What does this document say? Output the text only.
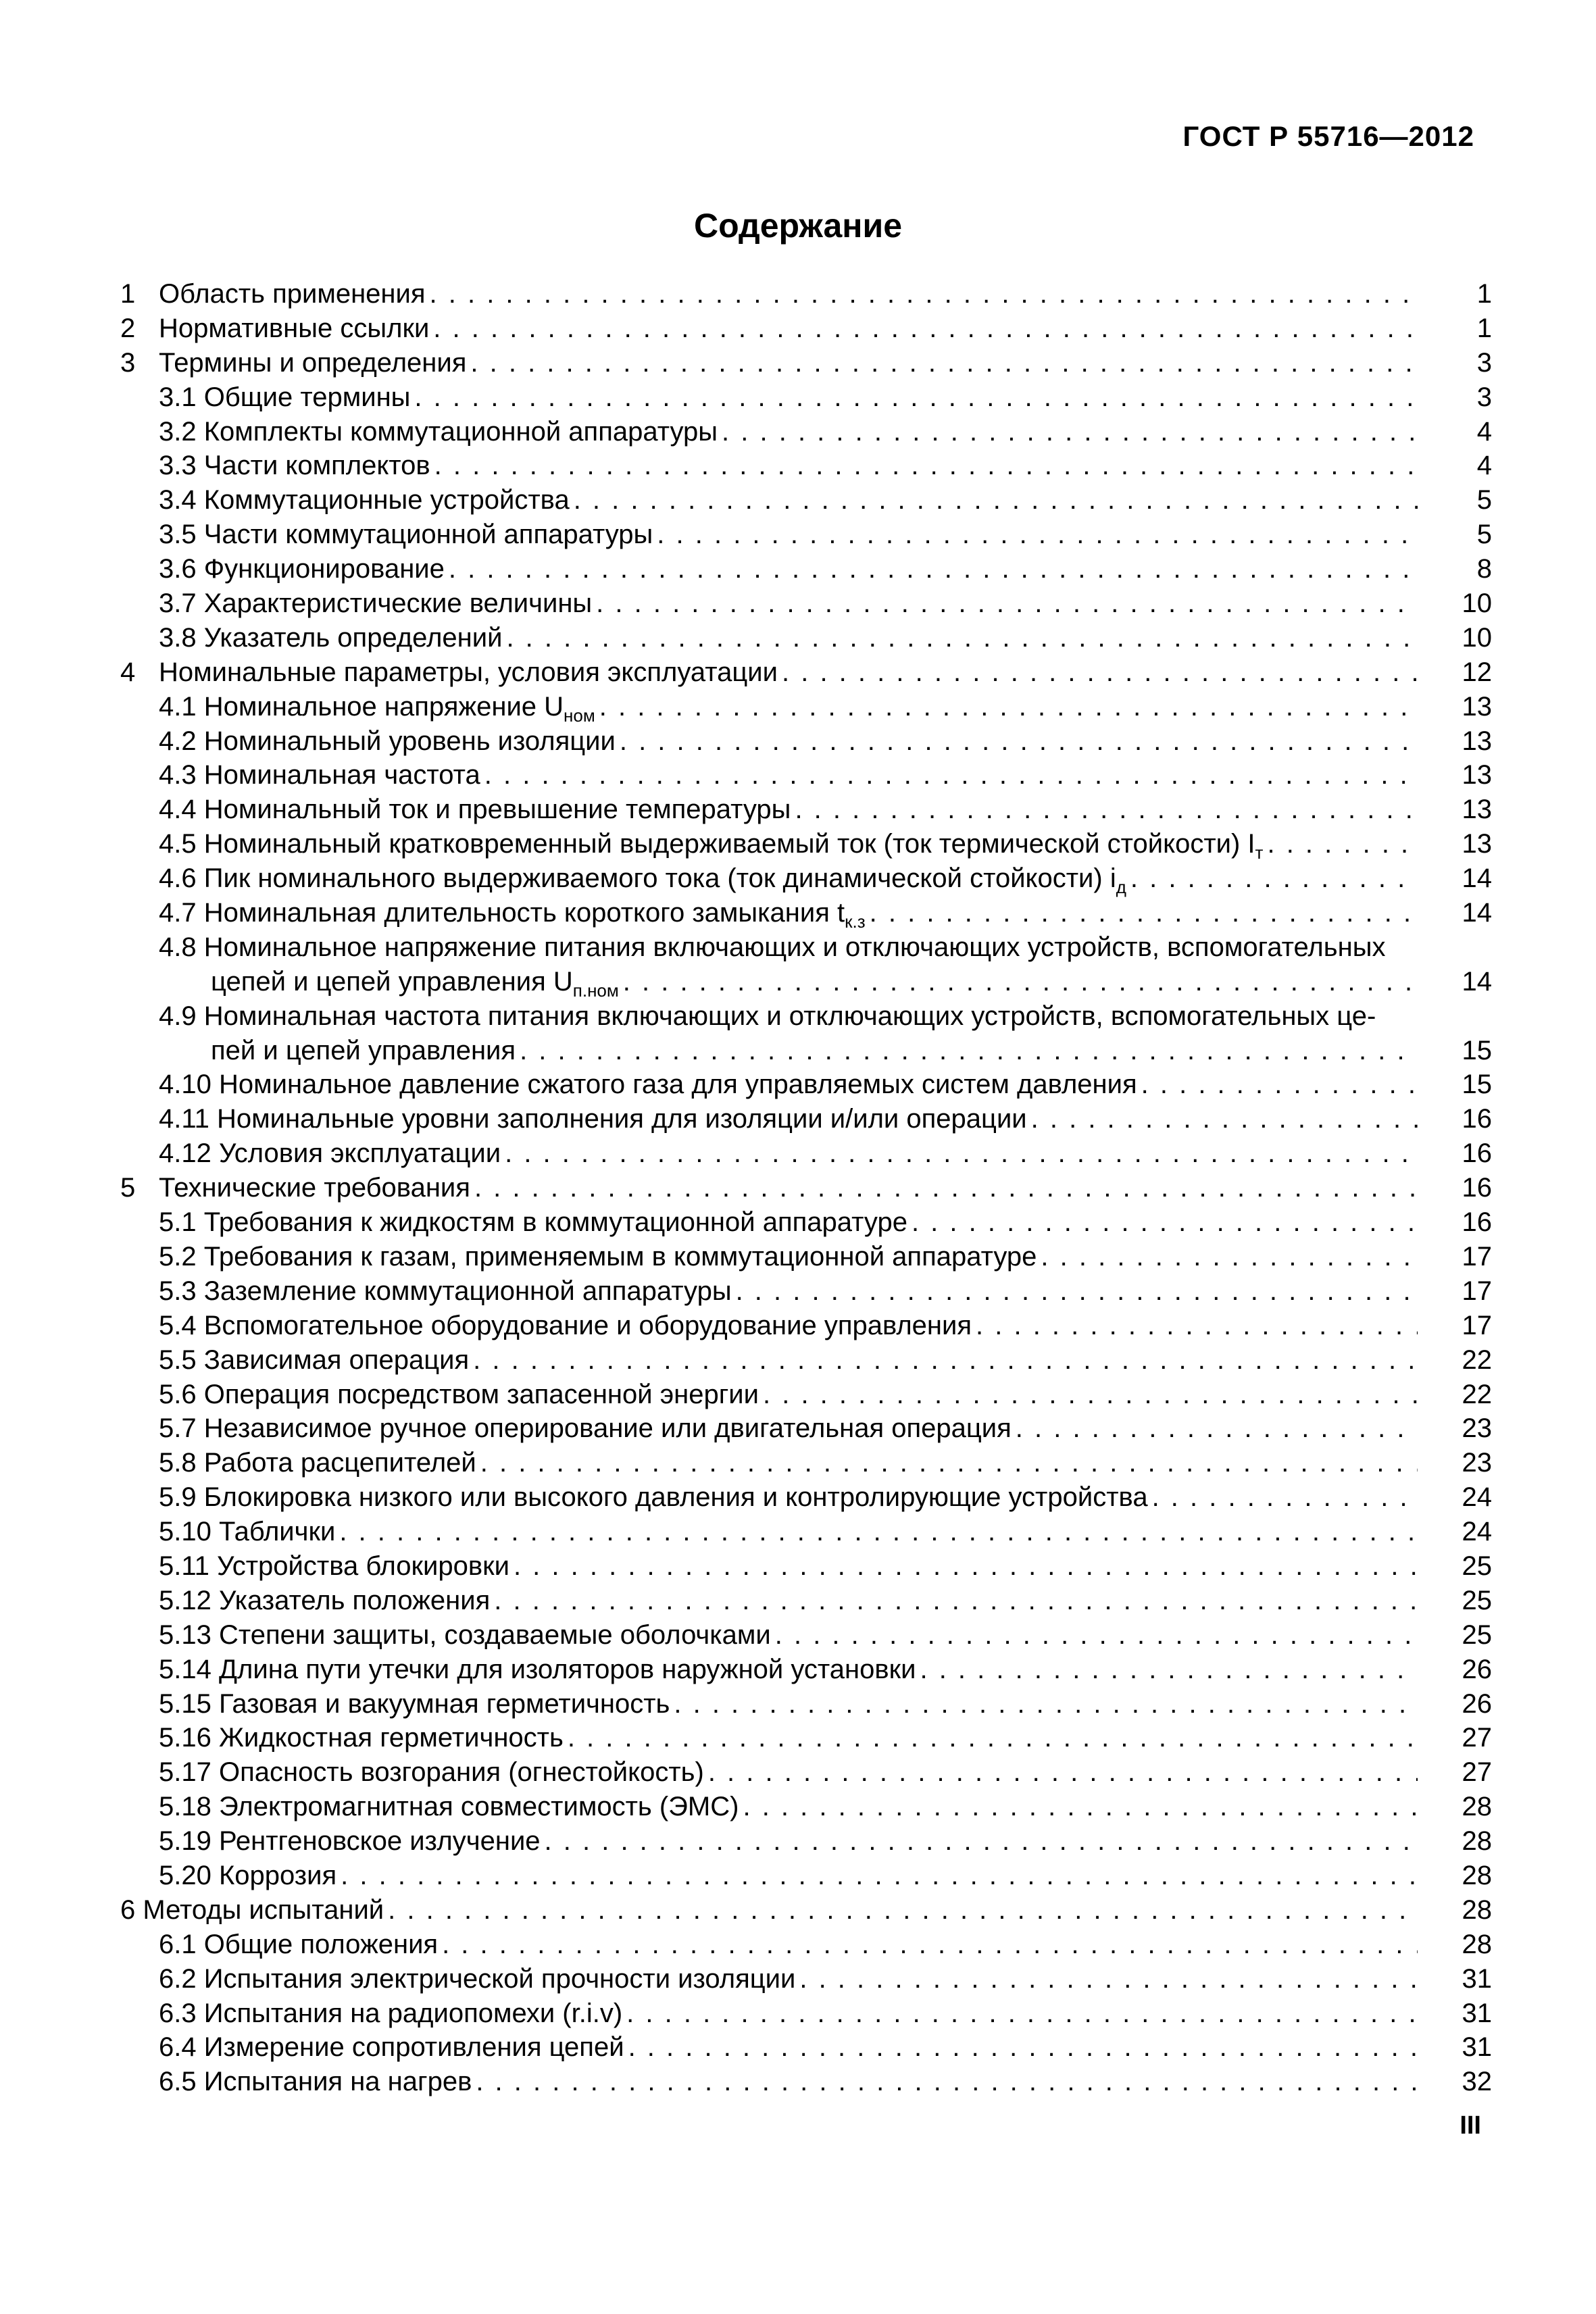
ГОСТ Р 55716—2012
Содержание
1 Область применения . . .	1
2 Нормативные ссылки . . .	1
3 Термины и определения . . .	3
3.1 Общие термины . . .	3
3.2 Комплекты коммутационной аппаратуры . . .	4
3.3 Части комплектов . . .	4
3.4 Коммутационные устройства . . .	5
3.5 Части коммутационной аппаратуры . . .	5
3.6 Функционирование . . .	8
3.7 Характеристические величины . . .	10
3.8 Указатель определений . . .	10
4 Номинальные параметры, условия эксплуатации . . .	12
4.1 Номинальное напряжение $U_{ном}$ . . .	13
4.2 Номинальный уровень изоляции . . .	13
4.3 Номинальная частота . . .	13
4.4 Номинальный ток и превышение температуры . . .	13
4.5 Номинальный кратковременный выдерживаемый ток (ток термической стойкости) $I_т$ . . .	13
4.6 Пик номинального выдерживаемого тока (ток динамической стойкости) $i_д$ . . .	14
4.7 Номинальная длительность короткого замыкания $t_{к.з}$ . . .	14
4.8 Номинальное напряжение питания включающих и отключающих устройств, вспомогательных
цепей и цепей управления $U_{п.ном}$ . . .	14
4.9 Номинальная частота питания включающих и отключающих устройств, вспомогательных це-
пей и цепей управления . . .	15
4.10 Номинальное давление сжатого газа для управляемых систем давления . . .	15
4.11 Номинальные уровни заполнения для изоляции и/или операции . . .	16
4.12 Условия эксплуатации . . .	16
5 Технические требования . . .	16
5.1 Требования к жидкостям в коммутационной аппаратуре . . .	16
5.2 Требования к газам, применяемым в коммутационной аппаратуре . . .	17
5.3 Заземление коммутационной аппаратуры . . .	17
5.4 Вспомогательное оборудование и оборудование управления . . .	17
5.5 Зависимая операция . . .	22
5.6 Операция посредством запасенной энергии . . .	22
5.7 Независимое ручное оперирование или двигательная операция . . .	23
5.8 Работа расцепителей . . .	23
5.9 Блокировка низкого или высокого давления и контролирующие устройства . . .	24
5.10 Таблички . . .	24
5.11 Устройства блокировки . . .	25
5.12 Указатель положения . . .	25
5.13 Степени защиты, создаваемые оболочками . . .	25
5.14 Длина пути утечки для изоляторов наружной установки . . .	26
5.15 Газовая и вакуумная герметичность . . .	26
5.16 Жидкостная герметичность . . .	27
5.17 Опасность возгорания (огнестойкость) . . .	27
5.18 Электромагнитная совместимость (ЭМС) . . .	28
5.19 Рентгеновское излучение . . .	28
5.20 Коррозия . . .	28
6 Методы испытаний . . .	28
6.1 Общие положения . . .	28
6.2 Испытания электрической прочности изоляции . . .	31
6.3 Испытания на радиопомехи (r.i.v) . . .	31
6.4 Измерение сопротивления цепей . . .	31
6.5 Испытания на нагрев . . .	32
III
